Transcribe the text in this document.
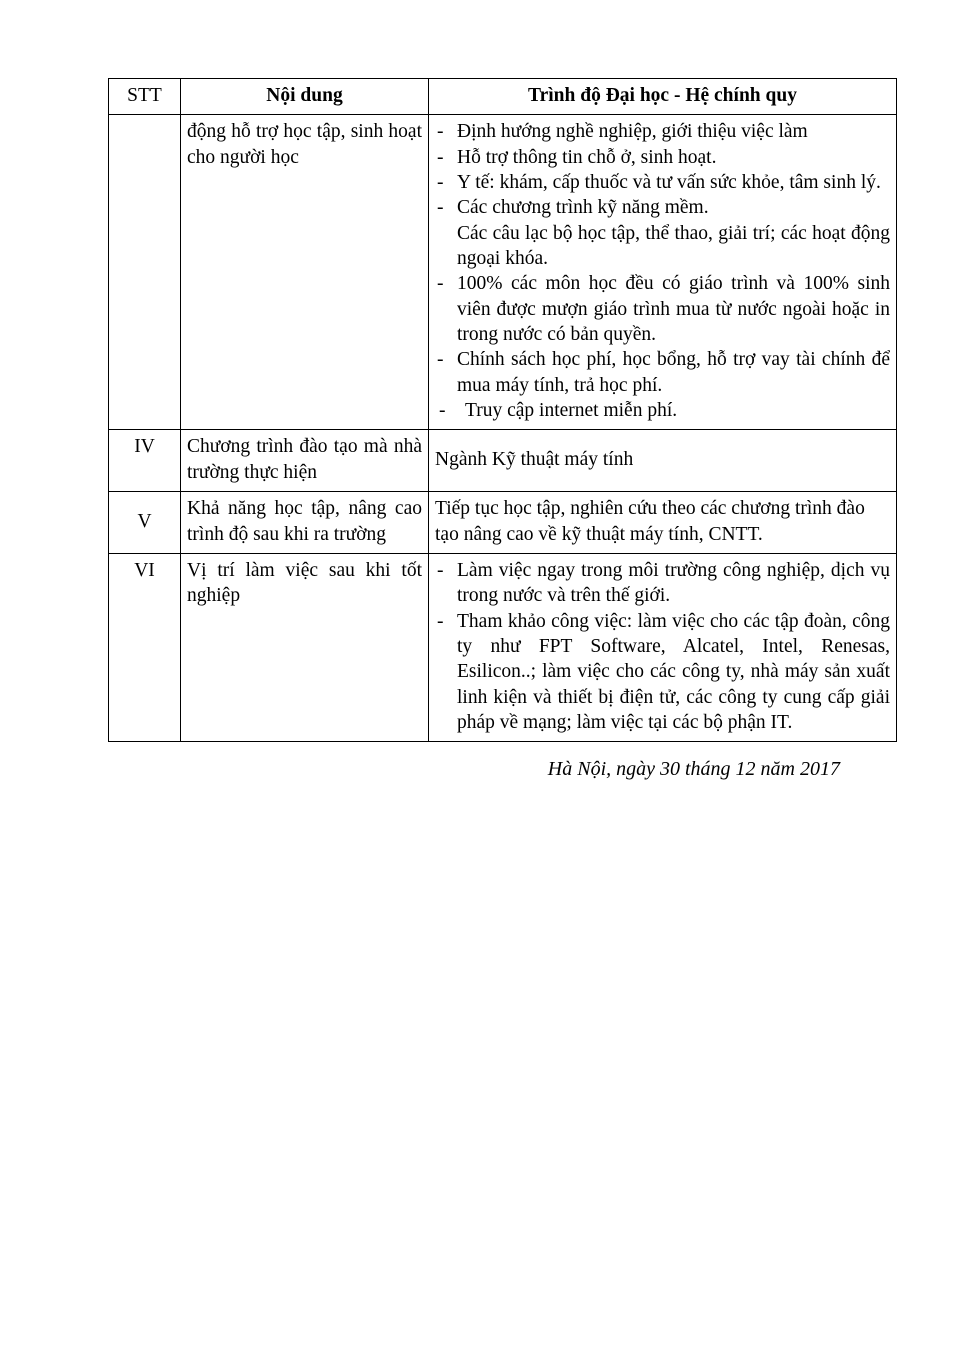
STT	Nội dung	Trình độ Đại học - Hệ chính quy
	động hỗ trợ học tập, sinh hoạt cho người học	
- Định hướng nghề nghiệp, giới thiệu việc làm
- Hỗ trợ thông tin chỗ ở, sinh hoạt.
- Y tế: khám, cấp thuốc và tư vấn sức khỏe, tâm sinh lý.
- Các chương trình kỹ năng mềm.
Các câu lạc bộ học tập, thể thao, giải trí; các hoạt động ngoại khóa.
- 100% các môn học đều có giáo trình và 100% sinh viên được mượn giáo trình mua từ nước ngoài hoặc in trong nước có bản quyền.
- Chính sách học phí, học bổng, hỗ trợ vay tài chính để mua máy tính, trả học phí.
- Truy cập internet miễn phí.

IV	Chương trình đào tạo mà nhà trường thực hiện	Ngành Kỹ thuật máy tính
V	Khả năng học tập, nâng cao trình độ sau khi ra trường	Tiếp tục học tập, nghiên cứu theo các chương trình đào tạo nâng cao về kỹ thuật máy tính, CNTT.
VI	Vị trí làm việc sau khi tốt nghiệp	
- Làm việc ngay trong môi trường công nghiệp, dịch vụ trong nước và trên thế giới.
- Tham khảo công việc: làm việc cho các tập đoàn, công ty như FPT Software, Alcatel, Intel, Renesas, Esilicon..; làm việc cho các công ty, nhà máy sản xuất linh kiện và thiết bị điện tử, các công ty cung cấp giải pháp về mạng; làm việc tại các bộ phận IT.
Hà Nội, ngày 30 tháng 12 năm 2017
